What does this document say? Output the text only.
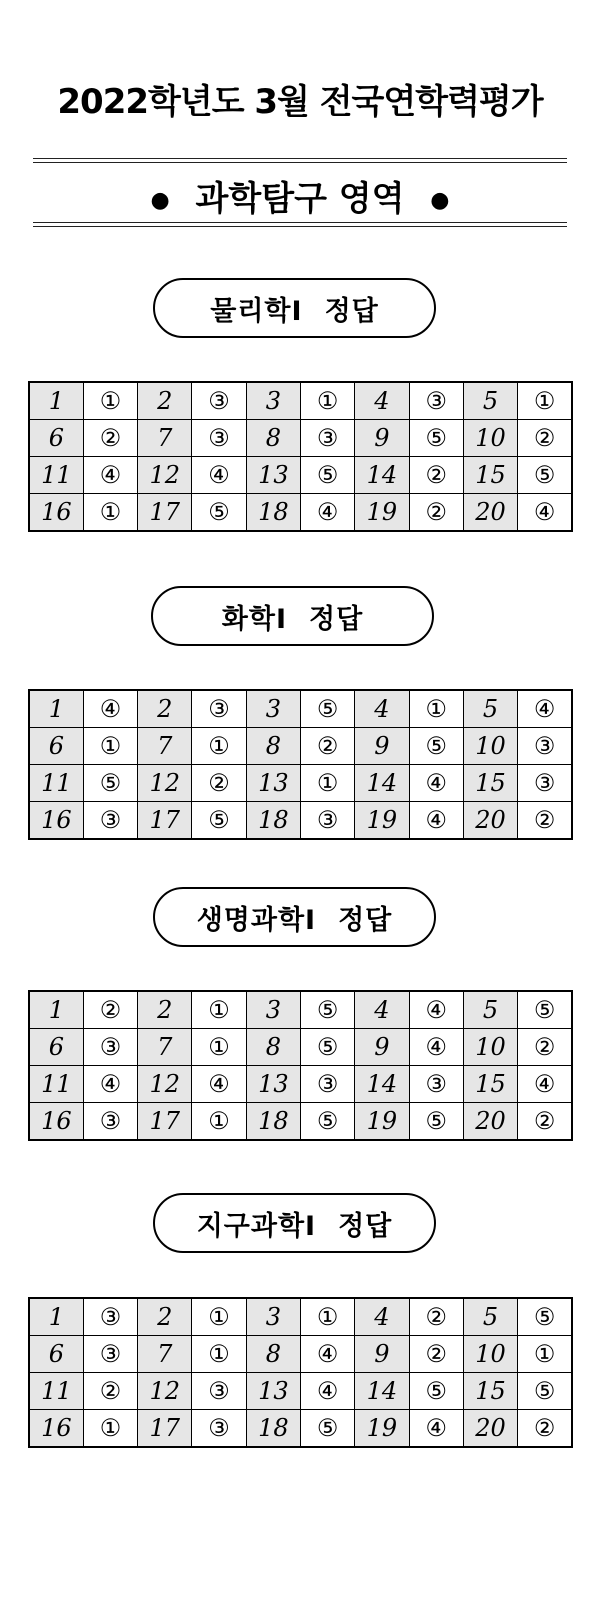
2022학년도 3월 전국연학력평가
● 과학탐구 영역 ●
물리학Ⅰ 정답
1	①	2	③	3	①	4	③	5	①
6	②	7	③	8	③	9	⑤	10	②
11	④	12	④	13	⑤	14	②	15	⑤
16	①	17	⑤	18	④	19	②	20	④
화학Ⅰ 정답
1	④	2	③	3	⑤	4	①	5	④
6	①	7	①	8	②	9	⑤	10	③
11	⑤	12	②	13	①	14	④	15	③
16	③	17	⑤	18	③	19	④	20	②
생명과학Ⅰ 정답
1	②	2	①	3	⑤	4	④	5	⑤
6	③	7	①	8	⑤	9	④	10	②
11	④	12	④	13	③	14	③	15	④
16	③	17	①	18	⑤	19	⑤	20	②
지구과학Ⅰ 정답
1	③	2	①	3	①	4	②	5	⑤
6	③	7	①	8	④	9	②	10	①
11	②	12	③	13	④	14	⑤	15	⑤
16	①	17	③	18	⑤	19	④	20	②
